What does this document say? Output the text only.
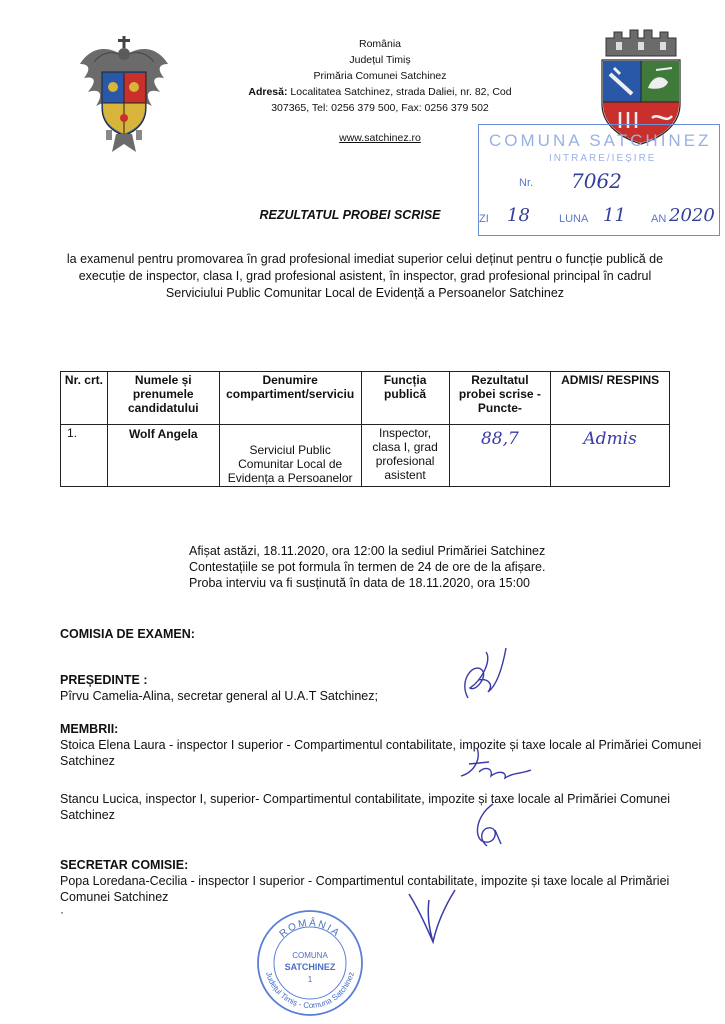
România
Județul Timiș
Primăria Comunei Satchinez
Adresă: Localitatea Satchinez, strada Daliei, nr. 82, Cod
307365, Tel: 0256 379 500, Fax: 0256 379 502
www.satchinez.ro	COMUNA SATCHINEZ
INTRARE/IEȘIRE
Nr. 7062
ZI 18	LUNA 11 AN 2020
REZULTATUL PROBEI SCRISE
la examenul pentru promovarea în grad profesional imediat superior celui deținut pentru o funcție publică de execuție de inspector, clasa I, grad profesional asistent, în inspector, grad profesional principal în cadrul Serviciului Public Comunitar Local de Evidență a Persoanelor Satchinez
Nr. crt.	Numele și prenumele candidatului	Denumire compartiment/serviciu	Funcția publică	Rezultatul probei scrise -Puncte-	ADMIS/ RESPINS
1.	Wolf Angela	Serviciul Public Comunitar Local de Evidența a Persoanelor	Inspector, clasa I, grad profesional asistent	88,7	Admis
Afișat astăzi, 18.11.2020, ora 12:00 la sediul Primăriei Satchinez
Contestațiile se pot formula în termen de 24 de ore de la afișare.
Proba interviu va fi susținută în data de 18.11.2020, ora 15:00
COMISIA DE EXAMEN:
PREȘEDINTE :
Pîrvu Camelia-Alina, secretar general al U.A.T Satchinez;
MEMBRII:
Stoica Elena Laura - inspector I superior - Compartimentul contabilitate, impozite și taxe locale al Primăriei Comunei Satchinez
Stancu Lucica, inspector I, superior- Compartimentul contabilitate, impozite și taxe locale al Primăriei Comunei Satchinez
SECRETAR COMISIE:
Popa Loredana-Cecilia - inspector I superior - Compartimentul contabilitate, impozite și taxe locale al Primăriei Comunei Satchinez
·
ROMÂNIA
COMUNA
SATCHINEZ
1
Județul Timiș - Comuna Satchinez
